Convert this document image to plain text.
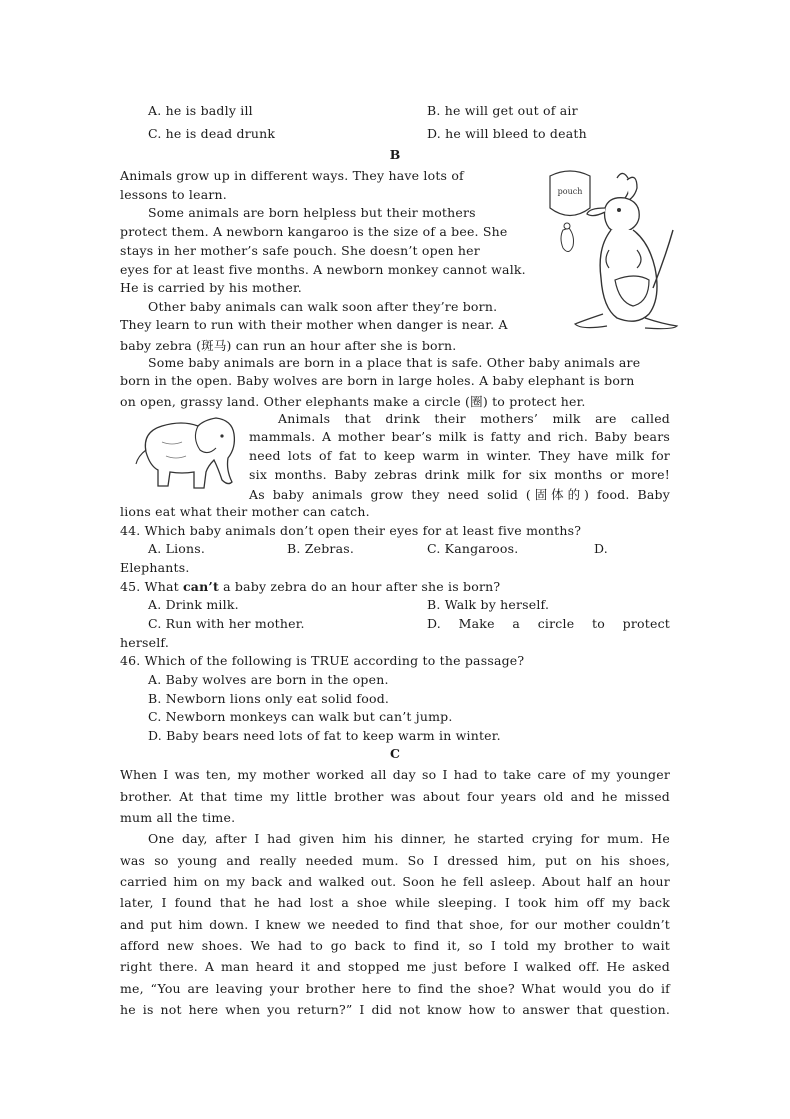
A. he is badly ill	B. he will get out of air
C. he is dead drunk	D. he will bleed to death
B
Animals grow up in different ways. They have lots of
lessons to learn.
Some animals are born helpless but their mothers
protect them. A newborn kangaroo is the size of a bee. She
stays in her mother’s safe pouch. She doesn’t open her
eyes for at least five months. A newborn monkey cannot walk.
He is carried by his mother.
Other baby animals can walk soon after they’re born.
They learn to run with their mother when danger is near. A
baby zebra (斑马) can run an hour after she is born.
pouch
Some baby animals are born in a place that is safe. Other baby animals are
born in the open. Baby wolves are born in large holes. A baby elephant is born
on open, grassy land. Other elephants make a circle (圈) to protect her.
Animals that drink their mothers’ milk are called
mammals. A mother bear’s milk is fatty and rich. Baby bears
need lots of fat to keep warm in winter. They have milk for
six months. Baby zebras drink milk for six months or more!
As baby animals grow they need solid (固体的) food. Baby
lions eat what their mother can catch.
44. Which baby animals don’t open their eyes for at least five months?
A. Lions.	B. Zebras.	C. Kangaroos.	D.
Elephants.
45. What can’t a baby zebra do an hour after she is born?
A. Drink milk.	B. Walk by herself.
C. Run with her mother.	D. Make a circle to protect
herself.
46. Which of the following is TRUE according to the passage?
A. Baby wolves are born in the open.
B. Newborn lions only eat solid food.
C. Newborn monkeys can walk but can’t jump.
D. Baby bears need lots of fat to keep warm in winter.
C
When I was ten, my mother worked all day so I had to take care of my younger
brother. At that time my little brother was about four years old and he missed
mum all the time.
One day, after I had given him his dinner, he started crying for mum. He
was so young and really needed mum. So I dressed him, put on his shoes,
carried him on my back and walked out. Soon he fell asleep. About half an hour
later, I found that he had lost a shoe while sleeping. I took him off my back
and put him down. I knew we needed to find that shoe, for our mother couldn’t
afford new shoes. We had to go back to find it, so I told my brother to wait
right there. A man heard it and stopped me just before I walked off. He asked
me, “You are leaving your brother here to find the shoe? What would you do if
he is not here when you return?” I did not know how to answer that question.
